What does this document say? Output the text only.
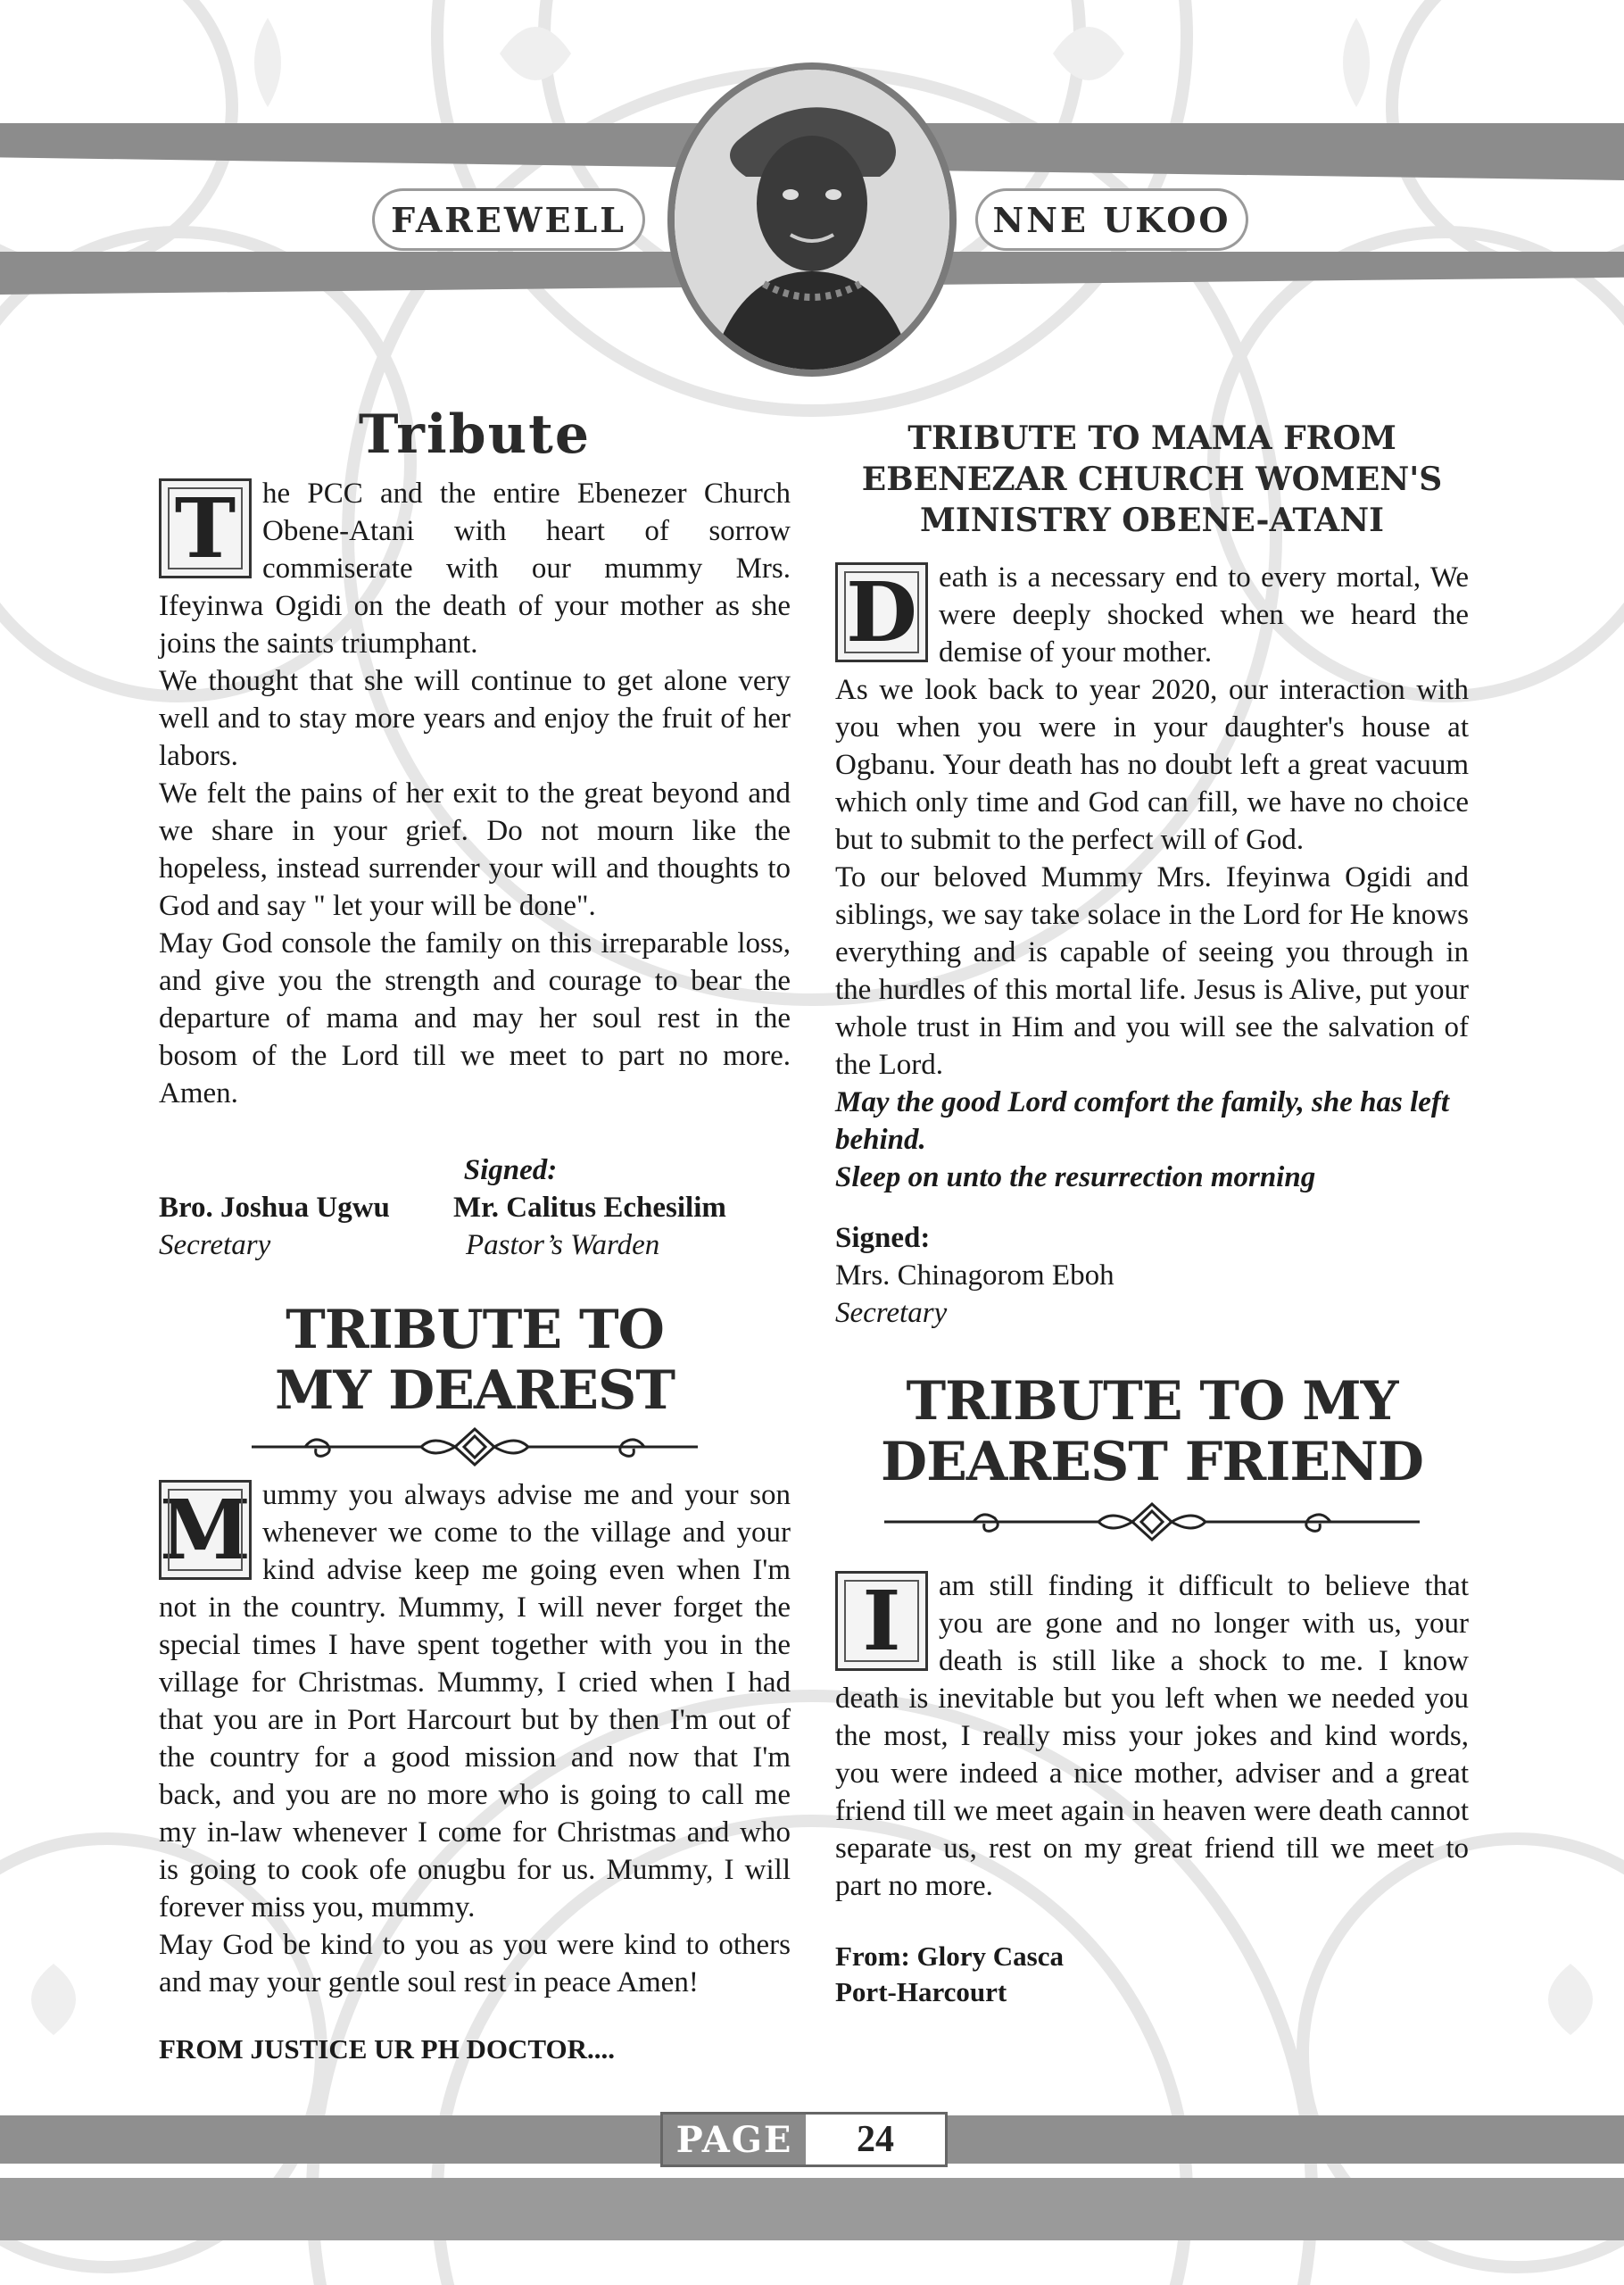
FAREWELL	NNE UKOO
Tribute

T he PCC and the entire Ebenezer Church Obene-Atani with heart of sorrow commiserate with our mummy Mrs. Ifeyinwa Ogidi on the death of your mother as she joins the saints triumphant.

We thought that she will continue to get alone very well and to stay more years and enjoy the fruit of her labors.

We felt the pains of her exit to the great beyond and we share in your grief. Do not mourn like the hopeless, instead surrender your will and thoughts to God and say " let your will be done".

May God console the family on this irreparable loss, and give you the strength and courage to bear the departure of mama and may her soul rest in the bosom of the Lord till we meet to part no more. Amen.

Signed:
Bro. Joshua Ugwu
Secretary
Mr. Calitus Echesilim
Pastor’s Warden
TRIBUTE TO
MY DEAREST

M ummy you always advise me and your son whenever we come to the village and your kind advise keep me going even when I'm not in the country. Mummy, I will never forget the special times I have spent together with you in the village for Christmas. Mummy, I cried when I had that you are in Port Harcourt but by then I'm out of the country for a good mission and now that I'm back, and you are no more who is going to call me my in-law whenever I come for Christmas and who is going to cook ofe onugbu for us. Mummy, I will forever miss you, mummy.

May God be kind to you as you were kind to others and may your gentle soul rest in peace Amen!

FROM JUSTICE UR PH DOCTOR....
TRIBUTE TO MAMA FROM
EBENEZAR CHURCH WOMEN'S
MINISTRY OBENE-ATANI

D eath is a necessary end to every mortal, We were deeply shocked when we heard the demise of your mother.

As we look back to year 2020, our interaction with you when you were in your daughter's house at Ogbanu. Your death has no doubt left a great vacuum which only time and God can fill, we have no choice but to submit to the perfect will of God.

To our beloved Mummy Mrs. Ifeyinwa Ogidi and siblings, we say take solace in the Lord for He knows everything and is capable of seeing you through in the hurdles of this mortal life. Jesus is Alive, put your whole trust in Him and you will see the salvation of the Lord.

May the good Lord comfort the family, she has left behind.

Sleep on unto the resurrection morning

Signed:
Mrs. Chinagorom Eboh
Secretary
TRIBUTE TO MY
DEAREST FRIEND

I	am still finding it difficult to believe that you are gone and no longer with us, your death is still like a shock to me. I know death is inevitable but you left when we needed you the most, I really miss your jokes and kind words, you were indeed a nice mother, adviser and a great friend till we meet again in heaven were death cannot separate us, rest on my great friend till we meet to part no more.

From: Glory Casca
Port-Harcourt
PAGE	24
